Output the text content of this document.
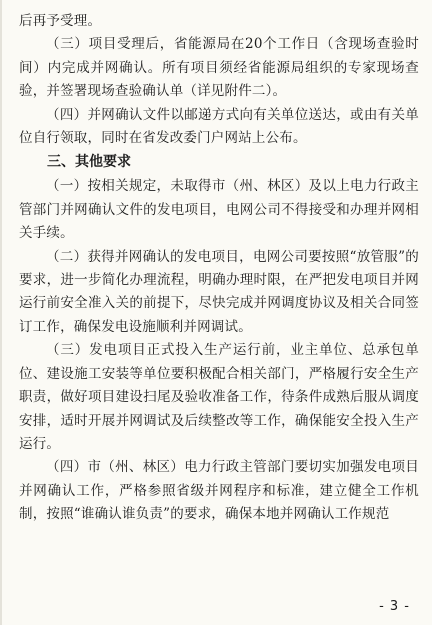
后再予受理。

（三）项目受理后，省能源局在20个工作日（含现场查验时间）内完成并网确认。所有项目须经省能源局组织的专家现场查验，并签署现场查验确认单（详见附件二）。

（四）并网确认文件以邮递方式向有关单位送达，或由有关单位自行领取，同时在省发改委门户网站上公布。

三、其他要求

（一）按相关规定，未取得市（州、林区）及以上电力行政主管部门并网确认文件的发电项目，电网公司不得接受和办理并网相关手续。

（二）获得并网确认的发电项目，电网公司要按照“放管服”的要求，进一步简化办理流程，明确办理时限，在严把发电项目并网运行前安全准入关的前提下，尽快完成并网调度协议及相关合同签订工作，确保发电设施顺利并网调试。

（三）发电项目正式投入生产运行前，业主单位、总承包单位、建设施工安装等单位要积极配合相关部门，严格履行安全生产职责，做好项目建设扫尾及验收准备工作，待条件成熟后服从调度安排，适时开展并网调试及后续整改等工作，确保能安全投入生产运行。

（四）市（州、林区）电力行政主管部门要切实加强发电项目并网确认工作，严格参照省级并网程序和标准，建立健全工作机制，按照“谁确认谁负责”的要求，确保本地并网确认工作规范

- 3 -
